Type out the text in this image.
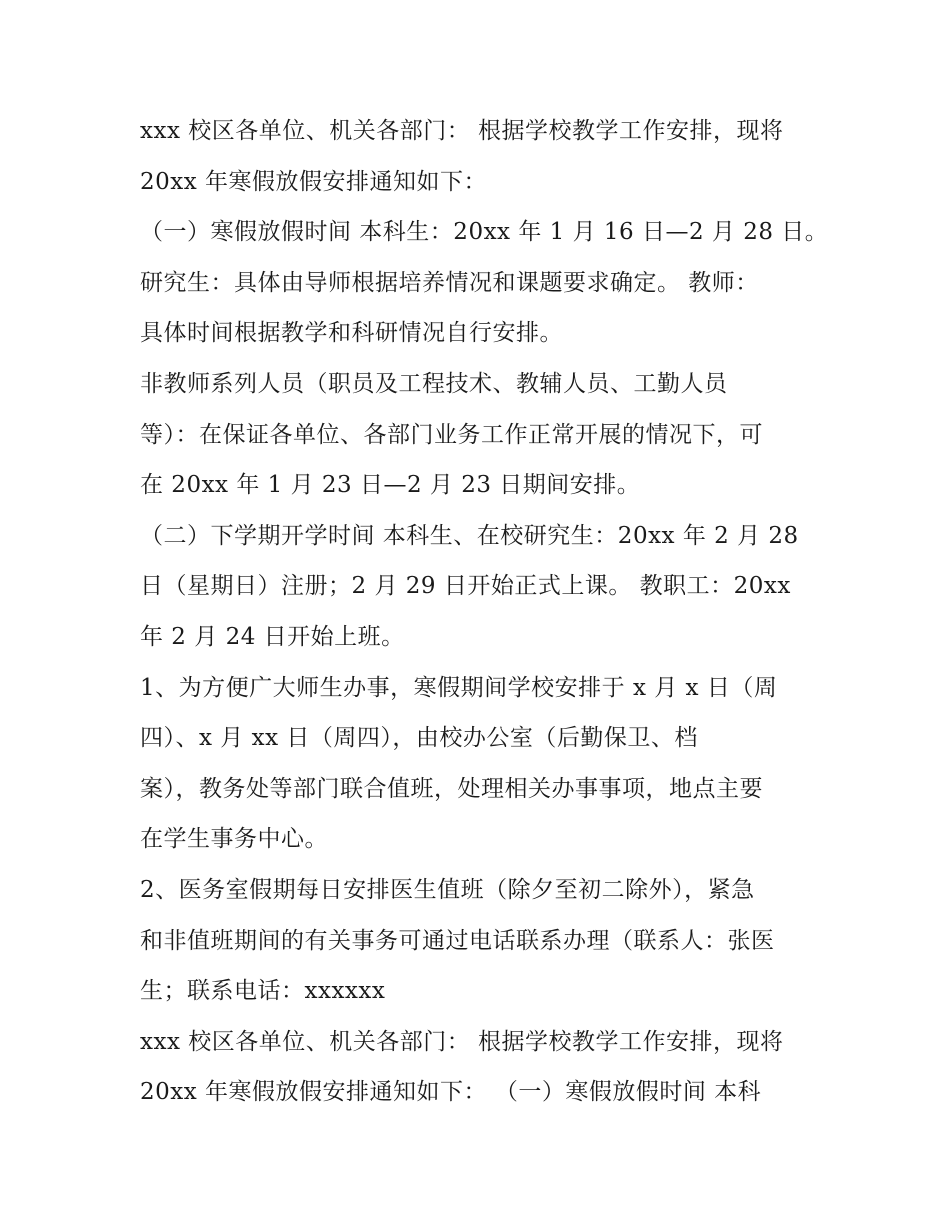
xxx 校区各单位、机关各部门： 根据学校教学工作安排，现将
20xx 年寒假放假安排通知如下：
（一）寒假放假时间 本科生：20xx 年 1 月 16 日—2 月 28 日。
研究生：具体由导师根据培养情况和课题要求确定。 教师：
具体时间根据教学和科研情况自行安排。
非教师系列人员（职员及工程技术、教辅人员、工勤人员
等）：在保证各单位、各部门业务工作正常开展的情况下，可
在 20xx 年 1 月 23 日—2 月 23 日期间安排。
（二）下学期开学时间 本科生、在校研究生：20xx 年 2 月 28
日（星期日）注册；2 月 29 日开始正式上课。 教职工：20xx
年 2 月 24 日开始上班。
1、为方便广大师生办事，寒假期间学校安排于 x 月 x 日（周
四）、x 月 xx 日（周四），由校办公室（后勤保卫、档
案），教务处等部门联合值班，处理相关办事事项，地点主要
在学生事务中心。
2、医务室假期每日安排医生值班（除夕至初二除外），紧急
和非值班期间的有关事务可通过电话联系办理（联系人：张医
生；联系电话：xxxxxx
xxx 校区各单位、机关各部门： 根据学校教学工作安排，现将
20xx 年寒假放假安排通知如下： （一）寒假放假时间 本科
